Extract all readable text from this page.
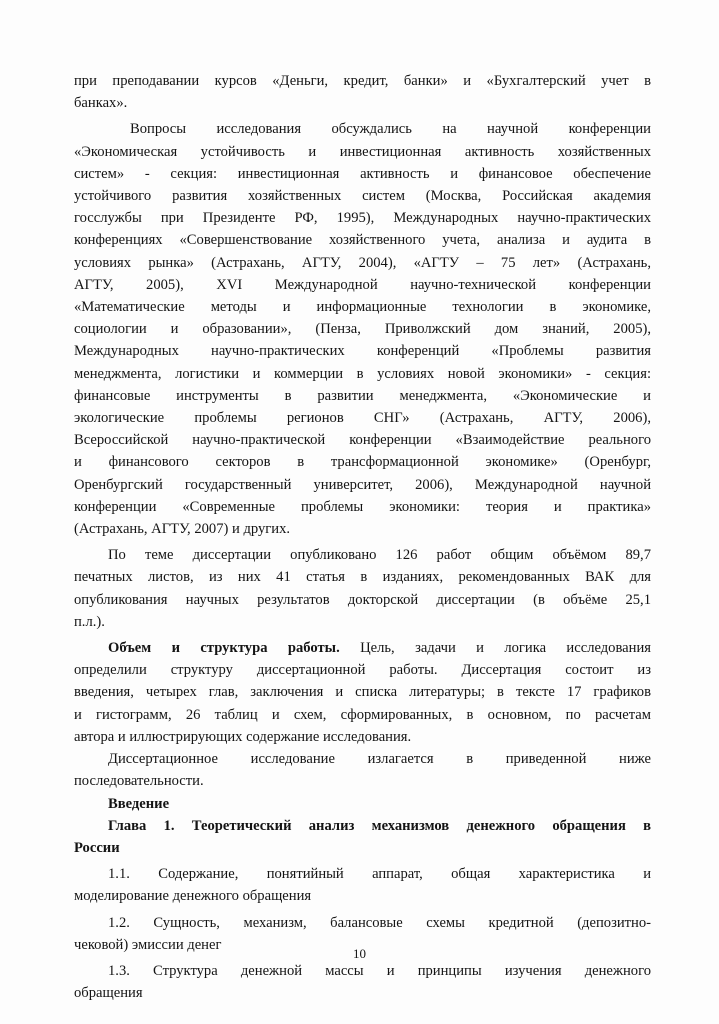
при преподавании курсов «Деньги, кредит, банки» и «Бухгалтерский учет в
банках».
Вопросы исследования обсуждались на научной конференции
«Экономическая устойчивость и инвестиционная активность хозяйственных
систем» - секция: инвестиционная активность и финансовое обеспечение
устойчивого развития хозяйственных систем (Москва, Российская академия
госслужбы при Президенте РФ, 1995), Международных научно-практических
конференциях «Совершенствование хозяйственного учета, анализа и аудита в
условиях рынка» (Астрахань, АГТУ, 2004), «АГТУ – 75 лет» (Астрахань,
АГТУ, 2005), XVI Международной научно-технической конференции
«Математические методы и информационные технологии в экономике,
социологии и образовании», (Пенза, Приволжский дом знаний, 2005),
Международных научно-практических конференций «Проблемы развития
менеджмента, логистики и коммерции в условиях новой экономики» - секция:
финансовые инструменты в развитии менеджмента, «Экономические и
экологические проблемы регионов СНГ» (Астрахань, АГТУ, 2006),
Всероссийской научно-практической конференции «Взаимодействие реального
и финансового секторов в трансформационной экономике» (Оренбург,
Оренбургский государственный университет, 2006), Международной научной
конференции «Современные проблемы экономики: теория и практика»
(Астрахань, АГТУ, 2007) и других.
По теме диссертации опубликовано 126 работ общим объёмом 89,7
печатных листов, из них 41 статья в изданиях, рекомендованных ВАК для
опубликования научных результатов докторской диссертации (в объёме 25,1
п.л.).
Объем и структура работы. Цель, задачи и логика исследования
определили структуру диссертационной работы. Диссертация состоит из
введения, четырех глав, заключения и списка литературы; в тексте 17 графиков
и гистограмм, 26 таблиц и схем, сформированных, в основном, по расчетам
автора и иллюстрирующих содержание исследования.
Диссертационное исследование излагается в приведенной ниже
последовательности.
Введение
Глава 1. Теоретический анализ механизмов денежного обращения в
России
1.1. Содержание, понятийный аппарат, общая характеристика и
моделирование денежного обращения
1.2. Сущность, механизм, балансовые схемы кредитной (депозитно-
чековой) эмиссии денег
1.3. Структура денежной массы и принципы изучения денежного
обращения
10
